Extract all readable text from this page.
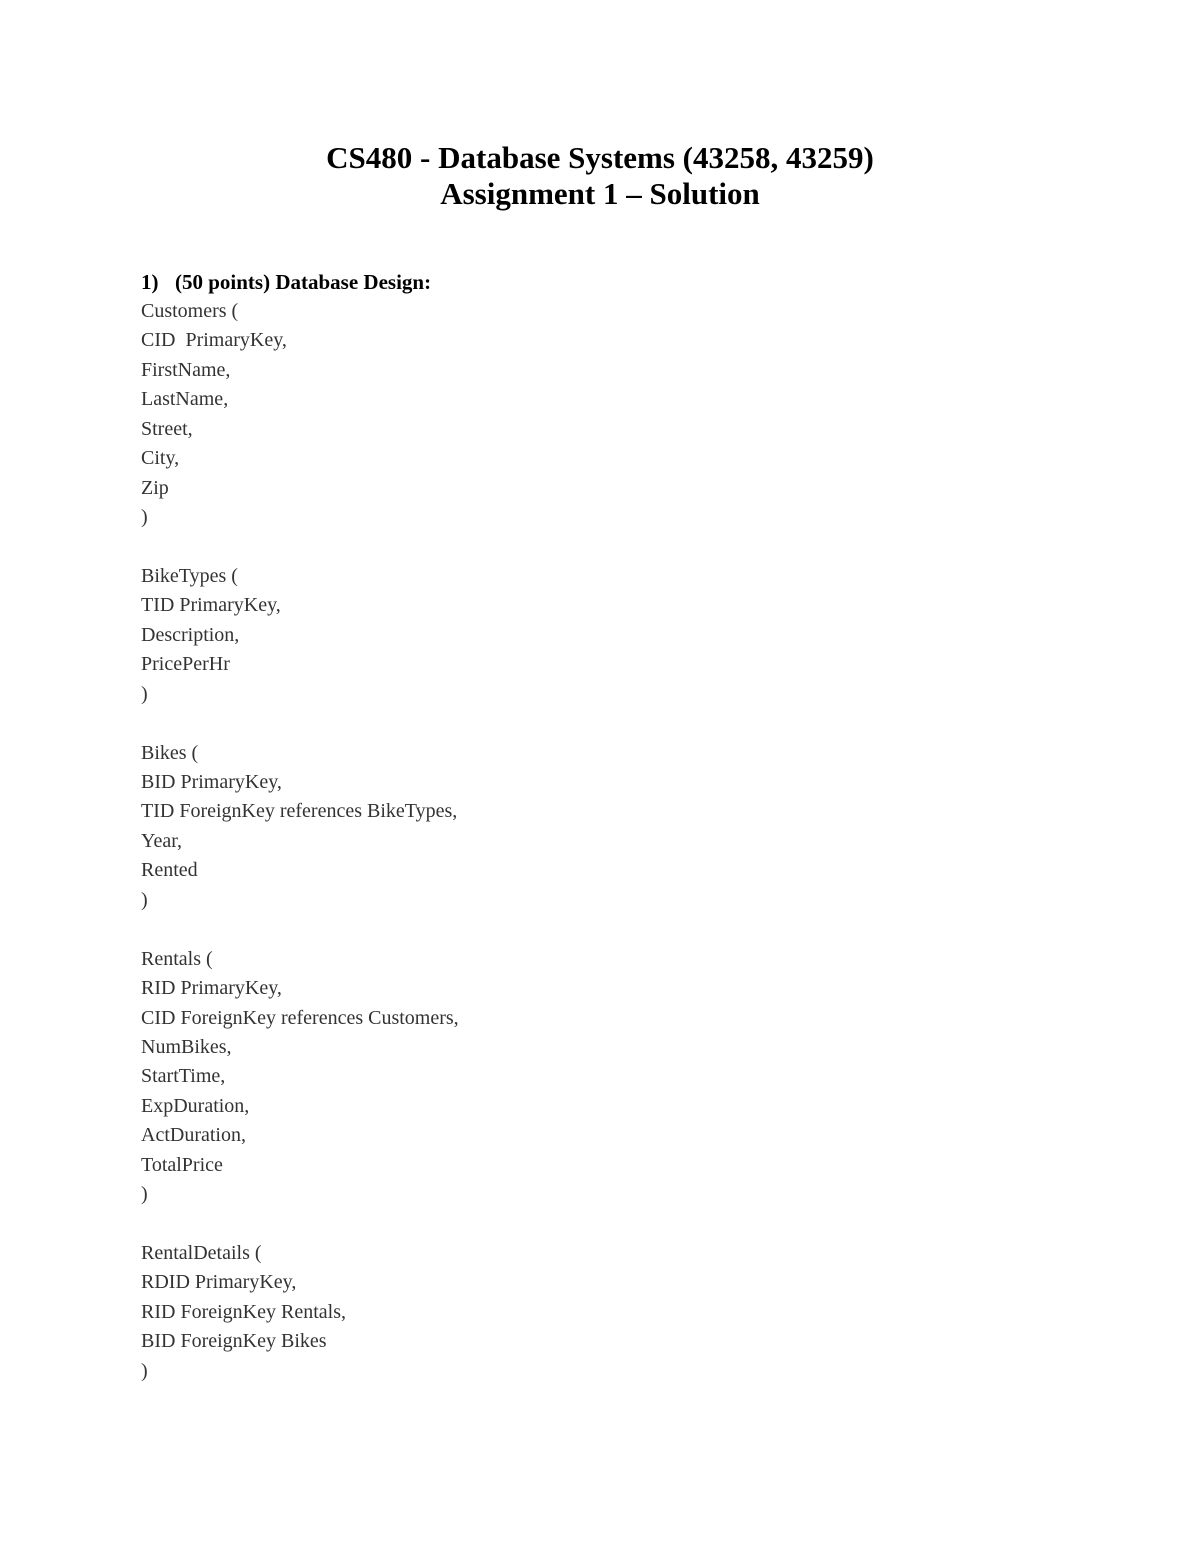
CS480 - Database Systems (43258, 43259)
Assignment 1 – Solution
1) (50 points) Database Design:
Customers (
CID  PrimaryKey,
FirstName,
LastName,
Street,
City,
Zip
)
BikeTypes (
TID PrimaryKey,
Description,
PricePerHr
)
Bikes (
BID PrimaryKey,
TID ForeignKey references BikeTypes,
Year,
Rented
)
Rentals (
RID PrimaryKey,
CID ForeignKey references Customers,
NumBikes,
StartTime,
ExpDuration,
ActDuration,
TotalPrice
)
RentalDetails (
RDID PrimaryKey,
RID ForeignKey Rentals,
BID ForeignKey Bikes
)
